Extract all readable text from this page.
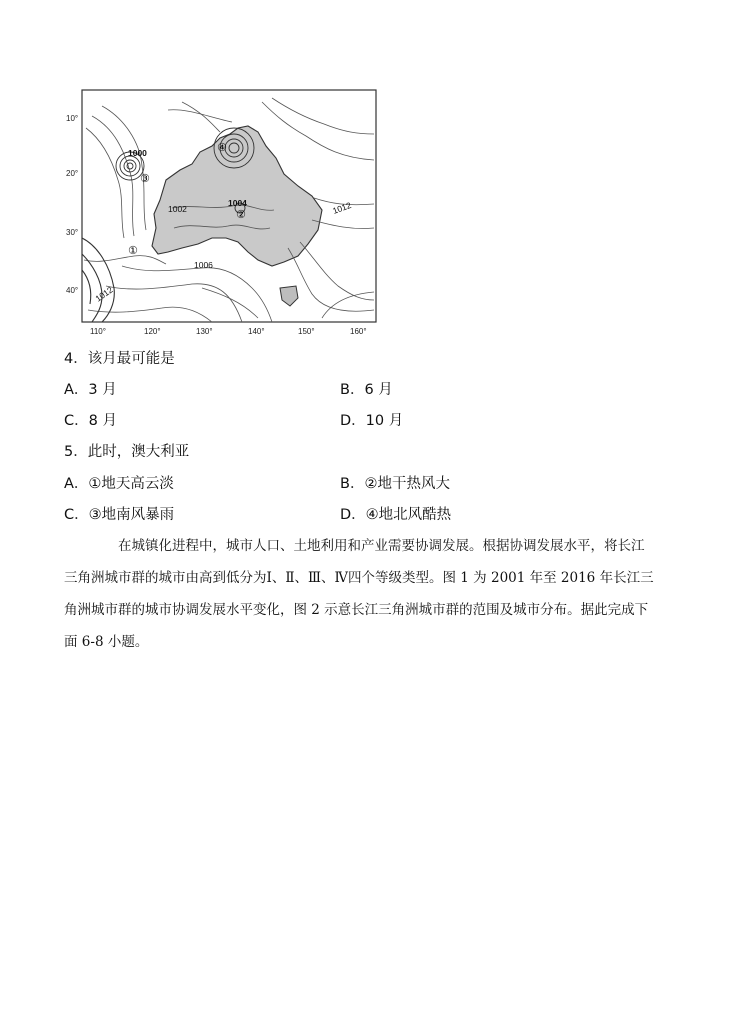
10°
20°
30°
40°
110°	120°	130°	140°	150°	160°
1000
1002
1004
1006
1012
1012
①
②
③
④
4．该月最可能是
A．3 月	B．6 月
C．8 月	D．10 月
5．此时，澳大利亚
A．①地天高云淡	B．②地干热风大
C．③地南风暴雨	D．④地北风酷热
在城镇化进程中，城市人口、土地利用和产业需要协调发展。根据协调发展水平，将长江
三角洲城市群的城市由高到低分为Ⅰ、Ⅱ、Ⅲ、Ⅳ四个等级类型。图 1 为 2001 年至 2016 年长江三
角洲城市群的城市协调发展水平变化，图 2 示意长江三角洲城市群的范围及城市分布。据此完成下
面 6-8 小题。
